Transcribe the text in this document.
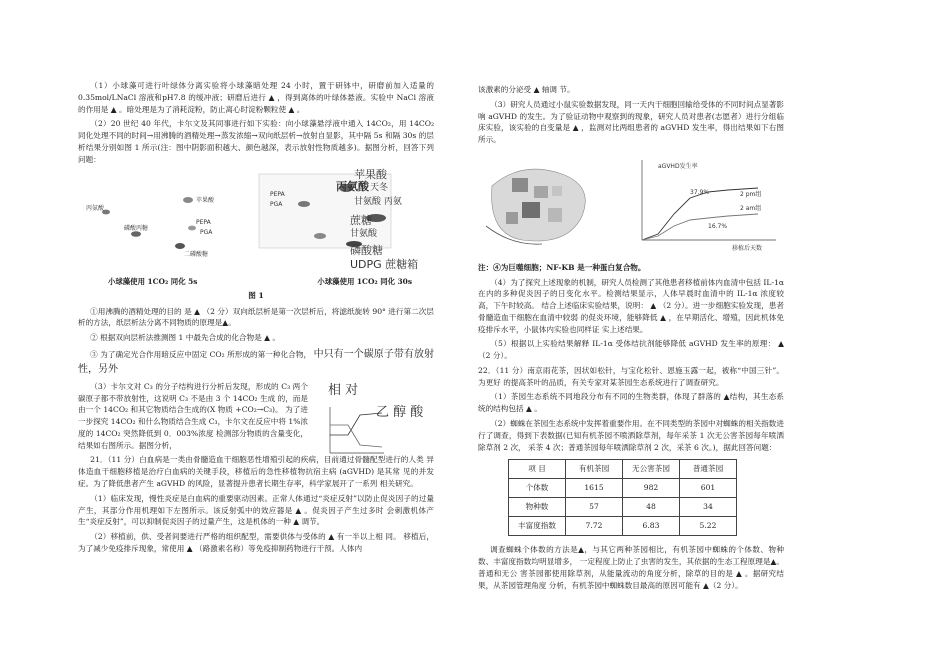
（1）小球藻可进行叶绿体分离实验将小球藻暗处理 24 小时，置于研钵中，研磨前加入适量的 0.35mol/LNaCl 溶液和pH7.8 的缓冲液；研磨后进行 ▲ ，得到离体的叶绿体悬液。实验中 NaCl 溶液的作用是 ▲ 。暗处理是为了消耗淀粉，防止离心时淀粉颗粒使 ▲ 。

（2）20 世纪 40 年代，卡尔文及其同事进行如下实验：向小球藻悬浮液中通入 14CO₂，用 14CO₂ 同化处理不同的时间→用沸腾的酒精处理→蒸发浓缩→双向纸层析→放射自显影，其中隔 5s 和隔 30s 的层析结果分别如图 1 所示(注：图中阴影面积越大、颜色越深，表示放射性物质越多)。据图分析，回答下列问题：

苹果酸
丙氨酸
磷酸丙糖
PEPA
PGA
二磷酸糖
PEPA
PGA
苹果酸
丙氨酸 天冬
甘氨酸 丙氨
蔗糖
甘氨酸
磷酸糖
UDPG 蔗糖箱
小球藻使用 1CO₂ 同化 5s	小球藻使用 1CO₂ 同化 30s
图 1

①用沸腾的酒精处理的目的 是 ▲ （2 分）双向纸层析是第一次层析后，将滤纸旋转 90° 进行第二次层析的方法，纸层析法分离不同物质的原理是▲。

② 根据双向层析法推测图 1 中最先合成的化合物是 ▲ 。

③ 为了确定光合作用暗反应中固定 CO₂ 所形成的第一种化合物， 中只有一个碳原子带有放射性，另外

（3）卡尔文对 C₃ 的分子结构进行分析后发现，形成的 C₃ 两个碳原子都不带放射性，这说明 C₃ 不是由 3 个 14CO₂ 生成 的，而是由一个 14CO₂ 和其它物质结合生成的(X 物质 +CO₂→C₃)。 为了进一步探究 14CO₂ 和什么物质结合生成 C₃，卡尔文在反应中将 1%浓度的 14CO₂ 突然降低到 0．003%浓度 检测部分物质的含量变化，结果如右图所示。据图分析，

相 对
乙 醇 酸

21．（11 分）白血病是一类由骨髓造血干细胞恶性增殖引起的疾病，目前通过骨髓配型进行的人类 异体造血干细胞移植是治疗白血病的关键手段，移植后的急性移植物抗宿主病 (aGVHD) 是其常 见的并发症。为了降低患者产生 aGVHD 的风险，显著提升患者长期生存率，科学家展开了一系列 相关研究。

（1）临床发现，慢性炎症是白血病的重要驱动因素。正常人体通过“炎症反射”以防止促炎因子的过量产生，其部分作用机理如下左图所示。该反射弧中的效应器是 ▲ 。促炎因子产生过多时 会刺激机体产生“炎症反射”，可以抑制促炎因子的过量产生，这是机体的一种 ▲ 调节。

（2）移植前，供、受者间要进行严格的组织配型，需要供体与受体的 ▲ 有一半以上相 同。 移植后，为了减少免疫排斥现象，常使用 ▲ （路激素名称）等免疫抑制药物进行干预。人体内

该激素的分泌受 ▲ 轴调 节。

（3）研究人员通过小鼠实验数据发现，同一天内干细胞回输给受体的不同时间点显著影响 aGVHD 的发生。为了验证动物中观察到的现象，研究人员对患者(志愿者）进行分组临床实验，该实验的自变量是 ▲ ，监测对比两组患者的 aGVHD 发生率，得出结果如下右图所示。

aGVHD发生率
移植后天数
37.9%
16.7%
2 pm组
2 am组

注：④为巨噬细胞；NF-KB 是一种蛋白复合物。

（4）为了探究上述现象的机制，研究人员检测了其他患者移植前体内血清中包括 IL-1α 在内的多种促炎因子的日变化水平。检测结果显示，人体早晨时血清中的 IL-1α 浓度较高，下午时较高。 结合上述临床实验结果，说明： ▲ （2 分）。进一步细胞实验发现，患者骨髓造血干细胞在血清中较弱 的促炎环境，能够降低 ▲ ，在早期活化、增殖，因此机体免疫排斥水平，小鼠体内实验也同样证 实上述结果。

（5）根据以上实验结果解释 IL-1α 受体结抗剂能够降低 aGVHD 发生率的原理： ▲（2 分）。

22．（11 分）南京雨花茶，因状如松针，与宝化松针、恩施玉露一起，被称“中国三针”。为更好 的提高茶叶的品质，有关专家对某茶园生态系统进行了调查研究。

（1）茶园生态系统不同地段分布有不同的生物类群，体现了群落的 ▲结构，其生态系统的结构包括 ▲ 。

（2）蜘蛛在茶园生态系统中发挥着重要作用。在不同类型的茶园中对蜘蛛的相关指数进行了调查，得到下表数据(已知有机茶园不喷洒除草剂，每年采茶 1 次无公害茶园每年喷洒除草剂 2 次， 采茶 4 次；普通茶园每年喷洒除草剂 2 次，采茶 6 次。)，据此回答问题：

项 目	有机茶园	无公害茶园	普通茶园
个体数	1615	982	601
物种数	57	48	34
丰富度指数	7.72	6.83	5.22

调查蜘蛛个体数的方法是▲，与其它两种茶园相比，有机茶园中蜘蛛的个体数、物种数、丰富度指数均明显增多， 一定程度上防止了虫害的发生，其依据的生态工程原理是▲。普通和无公 害茶园都使用除草剂，从能量流动的角度分析，除草的目的是 ▲ 。据研究结果，从茶园管理角度 分析，有机茶园中蜘蛛数目最高的原因可能有 ▲（2 分）。
